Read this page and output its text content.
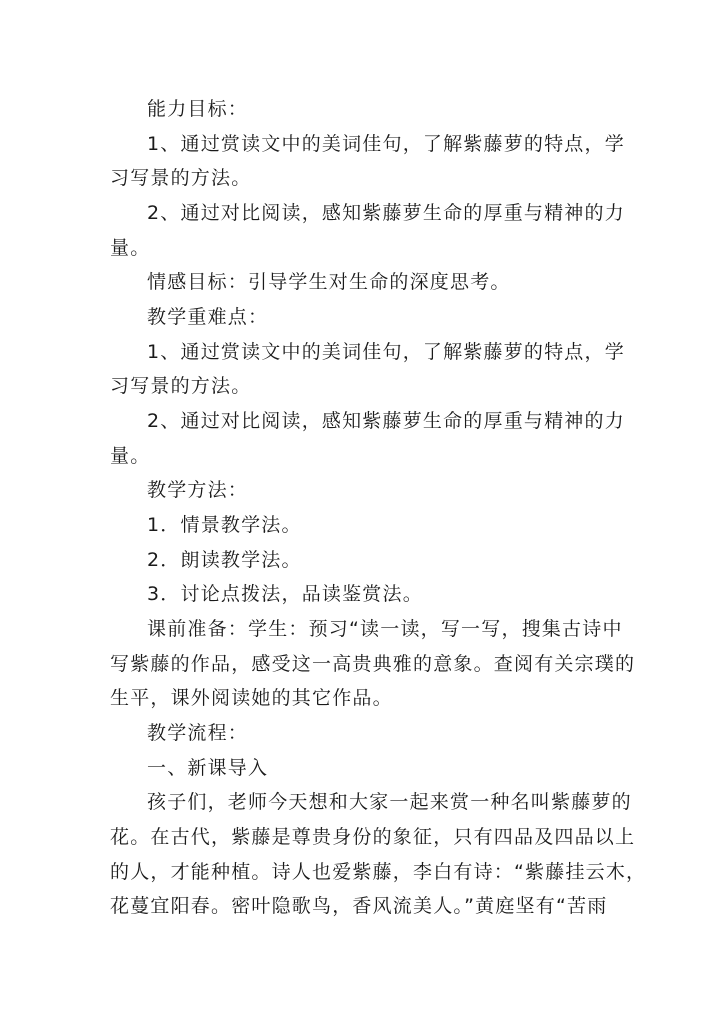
能力目标：
1、通过赏读文中的美词佳句，了解紫藤萝的特点，学
习写景的方法。
2、通过对比阅读，感知紫藤萝生命的厚重与精神的力
量。
情感目标：引导学生对生命的深度思考。
教学重难点：
1、通过赏读文中的美词佳句，了解紫藤萝的特点，学
习写景的方法。
2、通过对比阅读，感知紫藤萝生命的厚重与精神的力
量。
教学方法：
1．情景教学法。
2．朗读教学法。
3．讨论点拨法，品读鉴赏法。
课前准备：学生：预习“读一读，写一写，搜集古诗中
写紫藤的作品，感受这一高贵典雅的意象。查阅有关宗璞的
生平，课外阅读她的其它作品。
教学流程：
一、新课导入
孩子们，老师今天想和大家一起来赏一种名叫紫藤萝的
花。在古代，紫藤是尊贵身份的象征，只有四品及四品以上
的人，才能种植。诗人也爱紫藤，李白有诗：“紫藤挂云木，
花蔓宜阳春。密叶隐歌鸟，香风流美人。”黄庭坚有“苦雨
